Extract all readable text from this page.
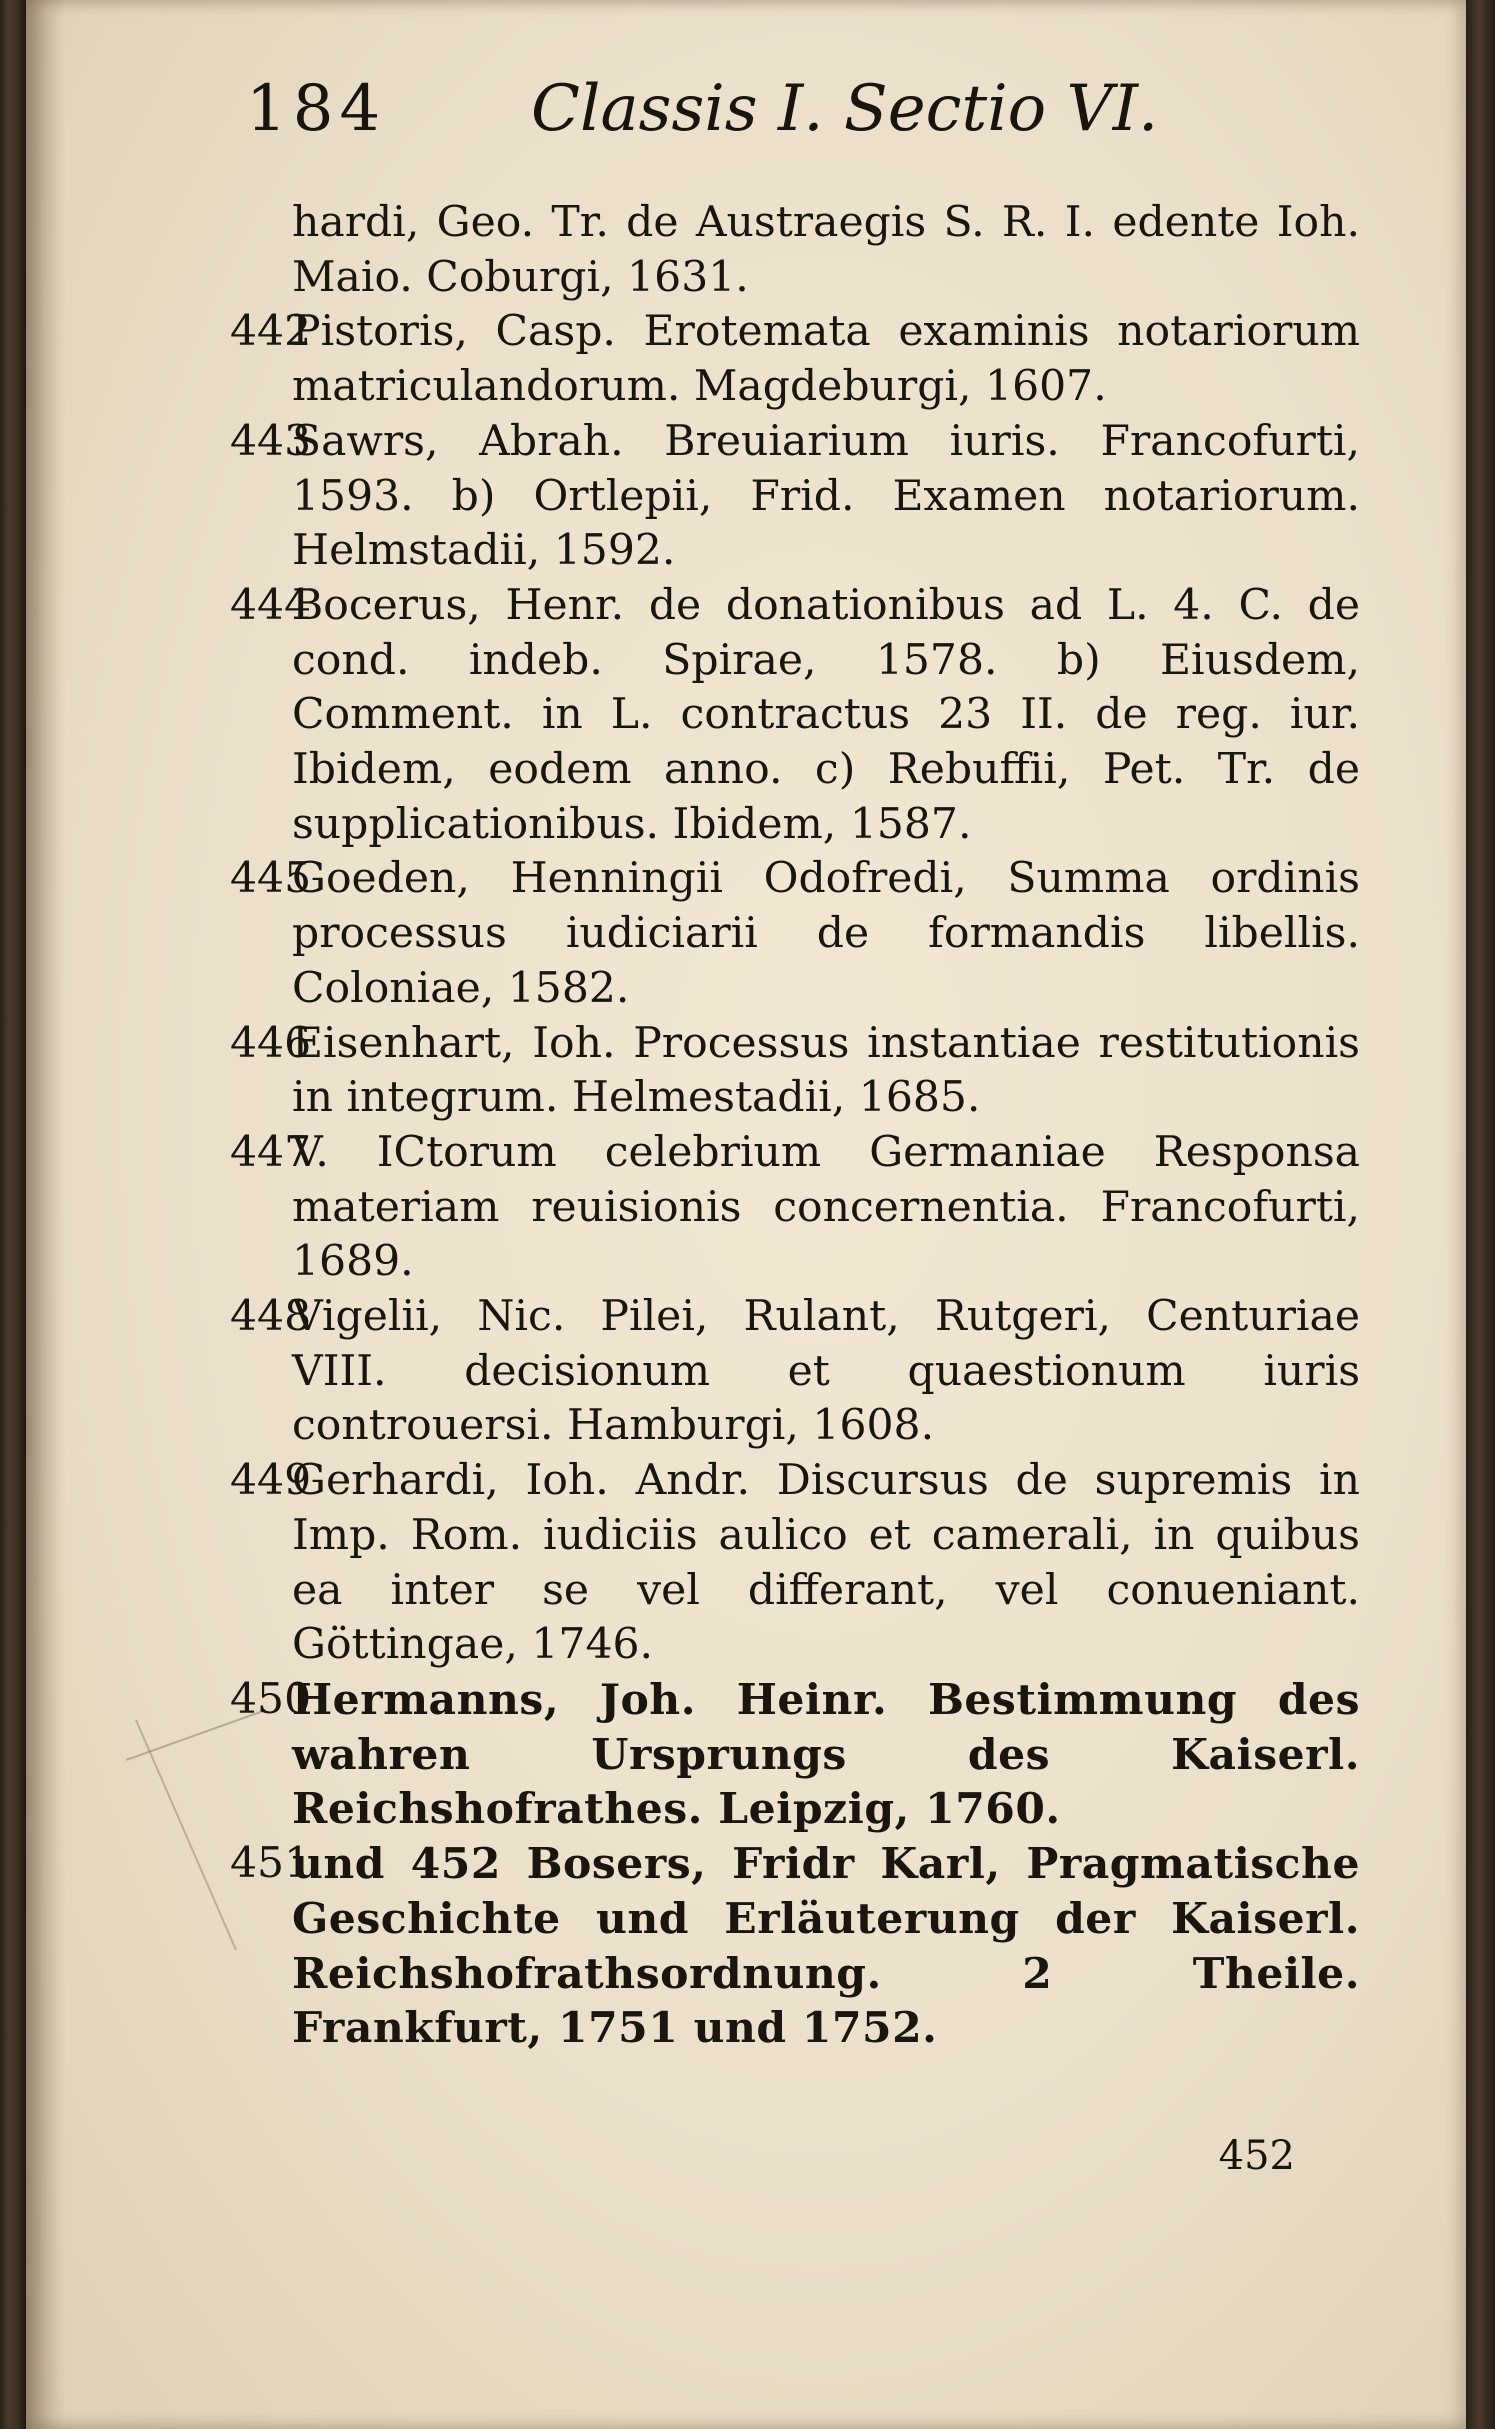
184 Classis I. Sectio VI.
hardi, Geo. Tr. de Austraegis S. R. I. edente Ioh. Maio. Coburgi, 1631.
442
Pistoris, Casp. Erotemata examinis notariorum matriculandorum. Magdeburgi, 1607.
443
Sawrs, Abrah. Breuiarium iuris. Francofurti, 1593. b) Ortlepii, Frid. Examen notariorum. Helmstadii, 1592.
444
Bocerus, Henr. de donationibus ad L. 4. C. de cond. indeb. Spirae, 1578. b) Eiusdem, Comment. in L. contractus 23 II. de reg. iur. Ibidem, eodem anno. c) Rebuffii, Pet. Tr. de supplicationibus. Ibidem, 1587.
445
Goeden, Henningii Odofredi, Summa ordinis processus iudiciarii de formandis libellis. Coloniae, 1582.
446
Eisenhart, Ioh. Processus instantiae restitutionis in integrum. Helmestadii, 1685.
447
V. ICtorum celebrium Germaniae Responsa materiam reuisionis concernentia. Francofurti, 1689.
448
Vigelii, Nic. Pilei, Rulant, Rutgeri, Centuriae VIII. decisionum et quaestionum iuris controuersi. Hamburgi, 1608.
449
Gerhardi, Ioh. Andr. Discursus de supremis in Imp. Rom. iudiciis aulico et camerali, in quibus ea inter se vel differant, vel conueniant. Göttingae, 1746.
450
Hermanns, Joh. Heinr. Bestimmung des wahren Ursprungs des Kaiserl. Reichshofrathes. Leipzig, 1760.
451
und 452 Bosers, Fridr Karl, Pragmatische Geschichte und Erläuterung der Kaiserl. Reichshofrathsordnung. 2 Theile. Frankfurt, 1751 und 1752.
452
